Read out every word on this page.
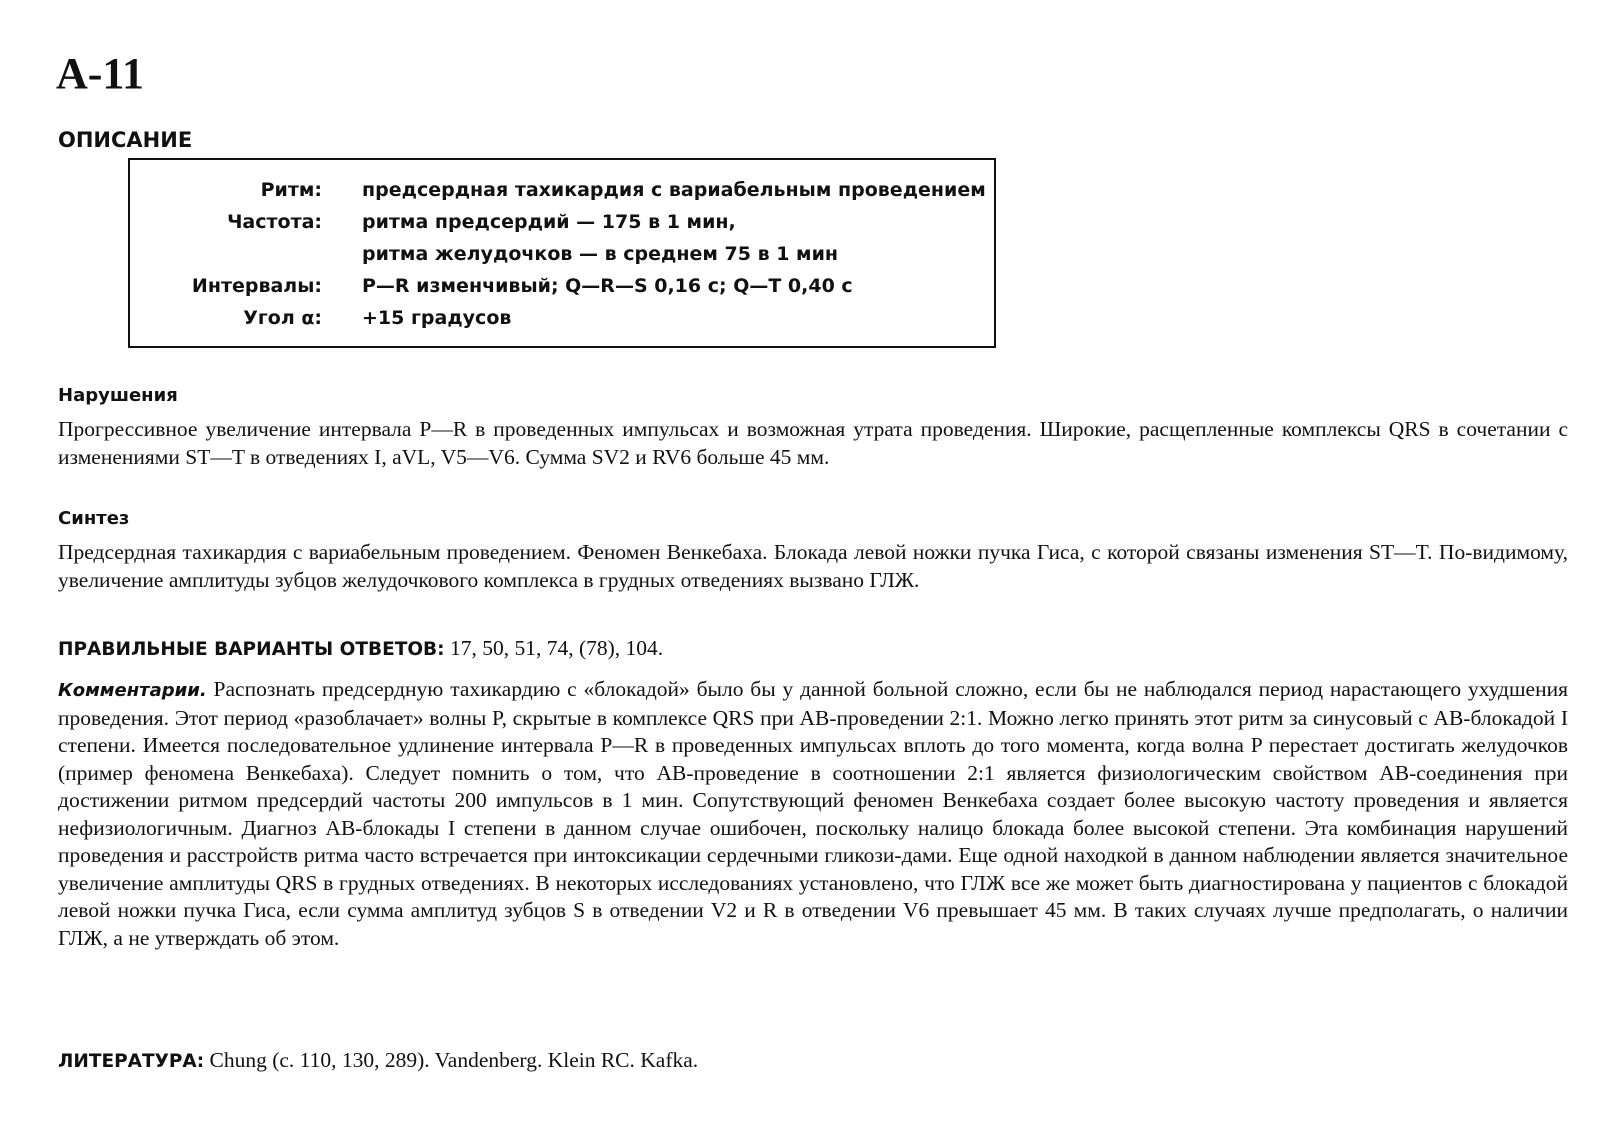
А-11
ОПИСАНИЕ
Ритм: предсердная тахикардия с вариабельным проведением
Частота: ритма предсердий — 175 в 1 мин,
ритма желудочков — в среднем 75 в 1 мин
Интервалы: P—R изменчивый; Q—R—S 0,16 с; Q—T 0,40 с
Угол α: +15 градусов
Нарушения

Прогрессивное увеличение интервала P—R в проведенных импульсах и возможная утрата проведения. Широкие, расщепленные комплексы QRS в сочетании с изменениями ST—T в отведениях I, aVL, V5—V6. Сумма SV2 и RV6 больше 45 мм.

Синтез

Предсердная тахикардия с вариабельным проведением. Феномен Венкебаха. Блокада левой ножки пучка Гиса, с которой связаны изменения ST—T. По-видимому, увеличение амплитуды зубцов желудочкового комплекса в грудных отведениях вызвано ГЛЖ.

ПРАВИЛЬНЫЕ ВАРИАНТЫ ОТВЕТОВ: 17, 50, 51, 74, (78), 104.

Комментарии. Распознать предсердную тахикардию с «блокадой» было бы у данной больной сложно, если бы не наблюдался период нарастающего ухудшения проведения. Этот период «разоблачает» волны P, скрытые в комплексе QRS при АВ-проведении 2:1. Можно легко принять этот ритм за синусовый с АВ-блокадой I степени. Имеется последовательное удлинение интервала P—R в проведенных импульсах вплоть до того момента, когда волна P перестает достигать желудочков (пример феномена Венкебаха). Следует помнить о том, что АВ-проведение в соотношении 2:1 является физиологическим свойством АВ-соединения при достижении ритмом предсердий частоты 200 импульсов в 1 мин. Сопутствующий феномен Венкебаха создает более высокую частоту проведения и является нефизиологичным. Диагноз АВ-блокады I степени в данном случае ошибочен, поскольку налицо блокада более высокой степени. Эта комбинация нарушений проведения и расстройств ритма часто встречается при интоксикации сердечными гликози-дами. Еще одной находкой в данном наблюдении является значительное увеличение амплитуды QRS в грудных отведениях. В некоторых исследованиях установлено, что ГЛЖ все же может быть диагностирована у пациентов с блокадой левой ножки пучка Гиса, если сумма амплитуд зубцов S в отведении V2 и R в отведении V6 превышает 45 мм. В таких случаях лучше предполагать, о наличии ГЛЖ, а не утверждать об этом.

ЛИТЕРАТУРА: Chung (с. 110, 130, 289). Vandenberg. Klein RC. Kafka.
